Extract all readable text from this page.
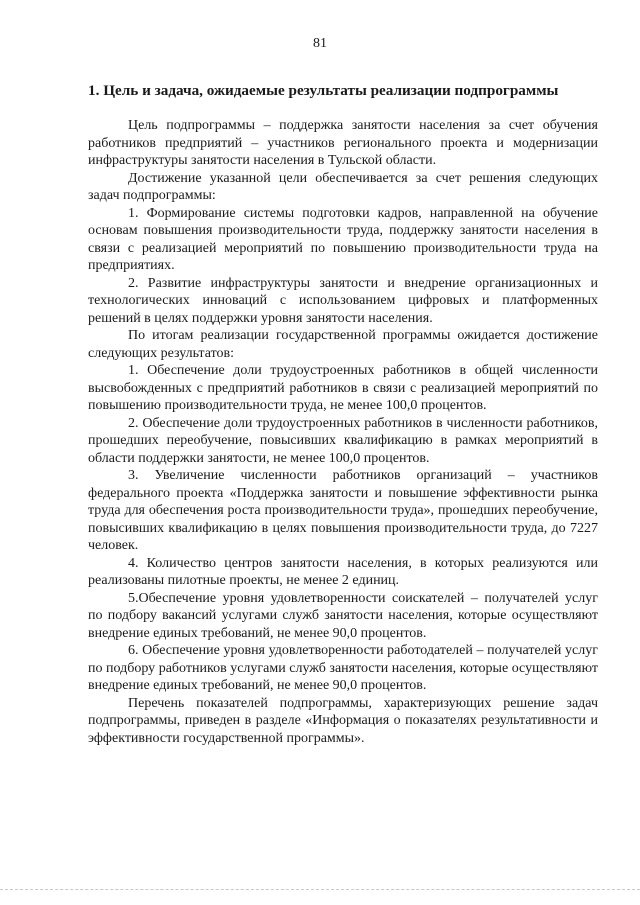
81
1. Цель и задача, ожидаемые результаты реализации подпрограммы

Цель подпрограммы – поддержка занятости населения за счет обучения работников предприятий – участников регионального проекта и модернизации инфраструктуры занятости населения в Тульской области.

Достижение указанной цели обеспечивается за счет решения следующих задач подпрограммы:

1. Формирование системы подготовки кадров, направленной на обучение основам повышения производительности труда, поддержку занятости населения в связи с реализацией мероприятий по повышению производительности труда на предприятиях.

2. Развитие инфраструктуры занятости и внедрение организационных и технологических инноваций с использованием цифровых и платформенных решений в целях поддержки уровня занятости населения.

По итогам реализации государственной программы ожидается достижение следующих результатов:

1. Обеспечение доли трудоустроенных работников в общей численности высвобожденных с предприятий работников в связи с реализацией мероприятий по повышению производительности труда, не менее 100,0 процентов.

2. Обеспечение доли трудоустроенных работников в численности работников, прошедших переобучение, повысивших квалификацию в рамках мероприятий в области поддержки занятости, не менее 100,0 процентов.

3. Увеличение численности работников организаций – участников федерального проекта «Поддержка занятости и повышение эффективности рынка труда для обеспечения роста производительности труда», прошедших переобучение, повысивших квалификацию в целях повышения производительности труда, до 7227 человек.

4. Количество центров занятости населения, в которых реализуются или реализованы пилотные проекты, не менее 2 единиц.

5.Обеспечение уровня удовлетворенности соискателей – получателей услуг по подбору вакансий услугами служб занятости населения, которые осуществляют внедрение единых требований, не менее 90,0 процентов.

6. Обеспечение уровня удовлетворенности работодателей – получателей услуг по подбору работников услугами служб занятости населения, которые осуществляют внедрение единых требований, не менее 90,0 процентов.

Перечень показателей подпрограммы, характеризующих решение задач подпрограммы, приведен в разделе «Информация о показателях результативности и эффективности государственной программы».
